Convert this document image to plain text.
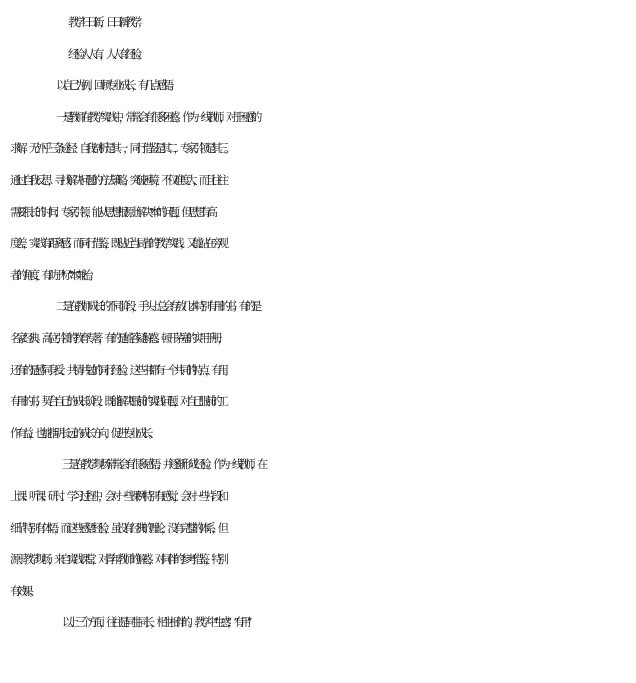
教学日日新，日日新教学；
经验人人有，人人有经验。
以自己为例，回顾专业成长，有几点感悟。
一是教师在教学实践中，常常会有很多困惑。作为一线教师，对于困惑的
求解，无外乎三条途径：自我剖析是其一，同行借鉴是其二，专家引领是其三。
通过自我反思，寻找解决问题的方法策略，突破困境，不仅难度大，而且往往
需要很长的时间；专家引领，能从思想根源上解决“本”的问题，但思想有高
度差，实践有距离感；而同行借鉴，既贴近当局者的教学实践，又能站在旁观
者的角度，有助于“标”“本”兼治。
二是在教师成长的不同阶段，手头上总会存放几本特别有用的书。有的是
名家经典、高位引领的教育专著，有的是能答疑解惑、顿开茅塞的实用手册，
还有的是感同身受、共情共勉的同行经验。这些书都有一个共同的特点，有用。
有用的书，契合自己的成长阶段，既能解决眼前的实践问题，对自己眼前的工
作有益，也能指明长远的成长方向，促进专业成长。
三是在教学现场常常会有很多感悟，并逐渐形成经验。作为一线教师，在
上课、听课、研讨、学习过程中，会对一些课例特别有感觉，会对一些片段和
细节特别有体悟，而这些感悟经验，虽没有经典的理论，没有完整的体系，但
源于教学现场，来自实践课堂，对青年教师的解惑，对同伴的参考借鉴，特别
有效果。
以上三个方面，往往是同生同长，相生相伴的。教学中“生惑”，“有用”
